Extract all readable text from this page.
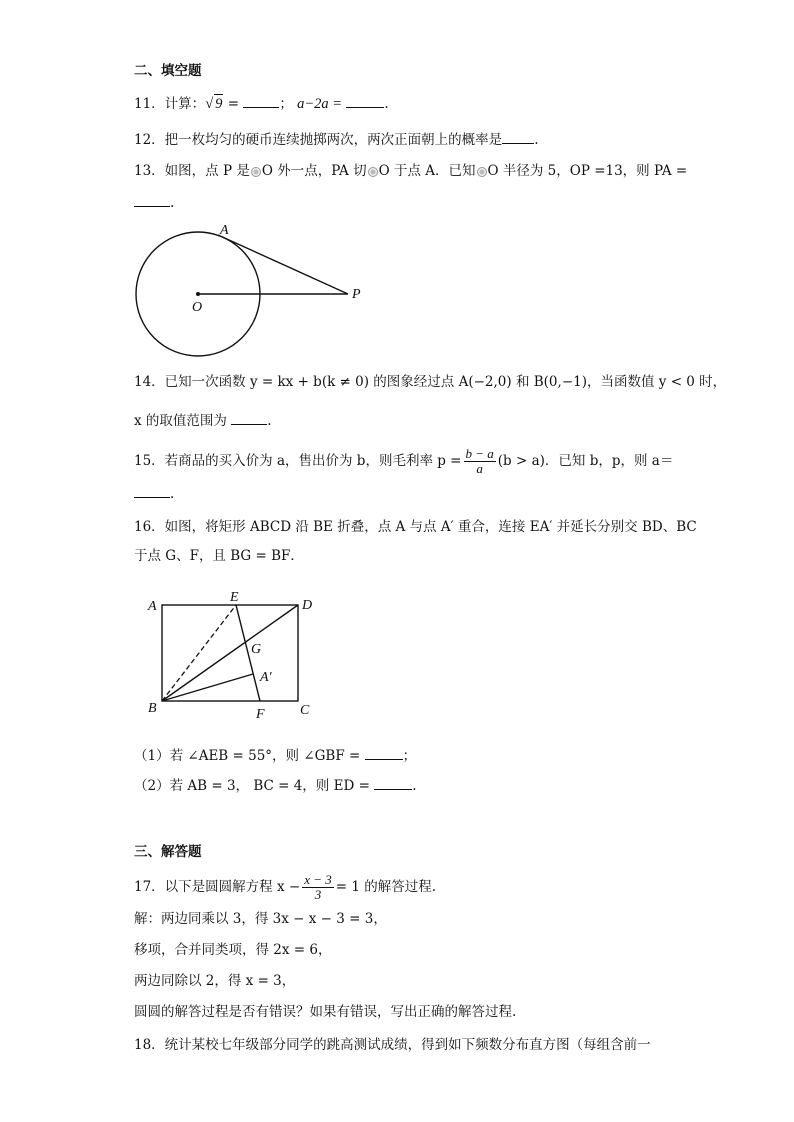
二、填空题
11．计算：√ 9 =	； a−2a =	.
12．把一枚均匀的硬币连续抛掷两次，两次正面朝上的概率是 .
13．如图，点 P 是 O 外一点，PA 切 O 于点 A．已知 O 半径为 5，OP =13，则 PA =
.
A
O
P
14．已知一次函数 y = kx + b(k ≠ 0) 的图象经过点 A(−2,0) 和 B(0,−1)，当函数值 y < 0 时，
x 的取值范围为	.
15．若商品的买入价为 a，售出价为 b，则毛利率 $p = \frac{b - a}{a} (b > a)$．已知 b，p，则 a＝
.
16．如图，将矩形 ABCD 沿 BE 折叠，点 A 与点 A′ 重合，连接 EA′ 并延长分别交 BD、BC
于点 G、F，且 BG = BF．
A
E
D
G
A′
B	F	C
（1）若 ∠AEB = 55°，则 ∠GBF =	；
（2）若 AB = 3， BC = 4，则 ED =	.
三、解答题
17．以下是圆圆解方程 $x - \frac{x - 3}{3} = 1$ 的解答过程.
解：两边同乘以 3，得 3x − x − 3 = 3，
移项，合并同类项，得 2x = 6，
两边同除以 2，得 x = 3，
圆圆的解答过程是否有错误？如果有错误，写出正确的解答过程.
18．统计某校七年级部分同学的跳高测试成绩，得到如下频数分布直方图（每组含前一
